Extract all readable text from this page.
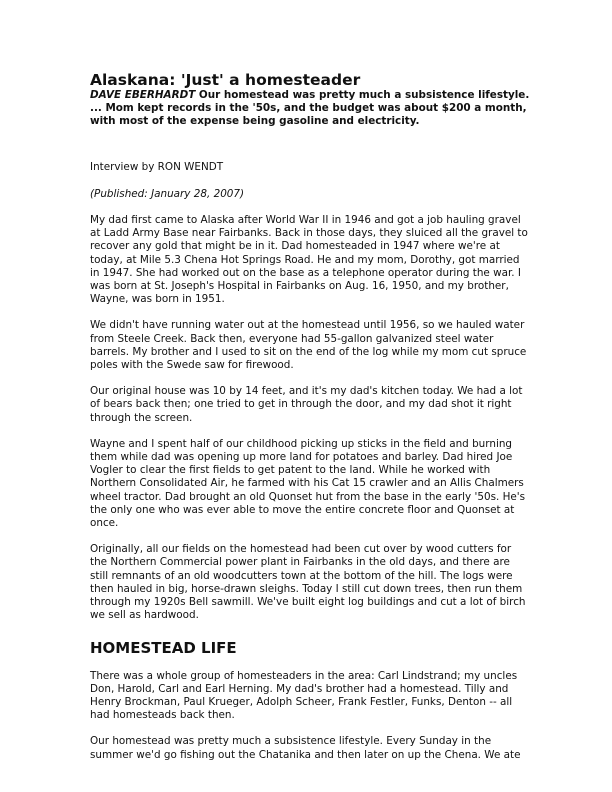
Alaskana: 'Just' a homesteader

DAVE EBERHARDT Our homestead was pretty much a subsistence lifestyle. ... Mom kept records in the '50s, and the budget was about $200 a month, with most of the expense being gasoline and electricity.

Interview by RON WENDT

(Published: January 28, 2007)

My dad first came to Alaska after World War II in 1946 and got a job hauling gravel at Ladd Army Base near Fairbanks. Back in those days, they sluiced all the gravel to recover any gold that might be in it. Dad homesteaded in 1947 where we're at today, at Mile 5.3 Chena Hot Springs Road. He and my mom, Dorothy, got married in 1947. She had worked out on the base as a telephone operator during the war. I was born at St. Joseph's Hospital in Fairbanks on Aug. 16, 1950, and my brother, Wayne, was born in 1951.

We didn't have running water out at the homestead until 1956, so we hauled water from Steele Creek. Back then, everyone had 55-gallon galvanized steel water barrels. My brother and I used to sit on the end of the log while my mom cut spruce poles with the Swede saw for firewood.

Our original house was 10 by 14 feet, and it's my dad's kitchen today. We had a lot of bears back then; one tried to get in through the door, and my dad shot it right through the screen.

Wayne and I spent half of our childhood picking up sticks in the field and burning them while dad was opening up more land for potatoes and barley. Dad hired Joe Vogler to clear the first fields to get patent to the land. While he worked with Northern Consolidated Air, he farmed with his Cat 15 crawler and an Allis Chalmers wheel tractor. Dad brought an old Quonset hut from the base in the early '50s. He's the only one who was ever able to move the entire concrete floor and Quonset at once.

Originally, all our fields on the homestead had been cut over by wood cutters for the Northern Commercial power plant in Fairbanks in the old days, and there are still remnants of an old woodcutters town at the bottom of the hill. The logs were then hauled in big, horse-drawn sleighs. Today I still cut down trees, then run them through my 1920s Bell sawmill. We've built eight log buildings and cut a lot of birch we sell as hardwood.

HOMESTEAD LIFE

There was a whole group of homesteaders in the area: Carl Lindstrand; my uncles Don, Harold, Carl and Earl Herning. My dad's brother had a homestead. Tilly and Henry Brockman, Paul Krueger, Adolph Scheer, Frank Festler, Funks, Denton -- all had homesteads back then.

Our homestead was pretty much a subsistence lifestyle. Every Sunday in the summer we'd go fishing out the Chatanika and then later on up the Chena. We ate
